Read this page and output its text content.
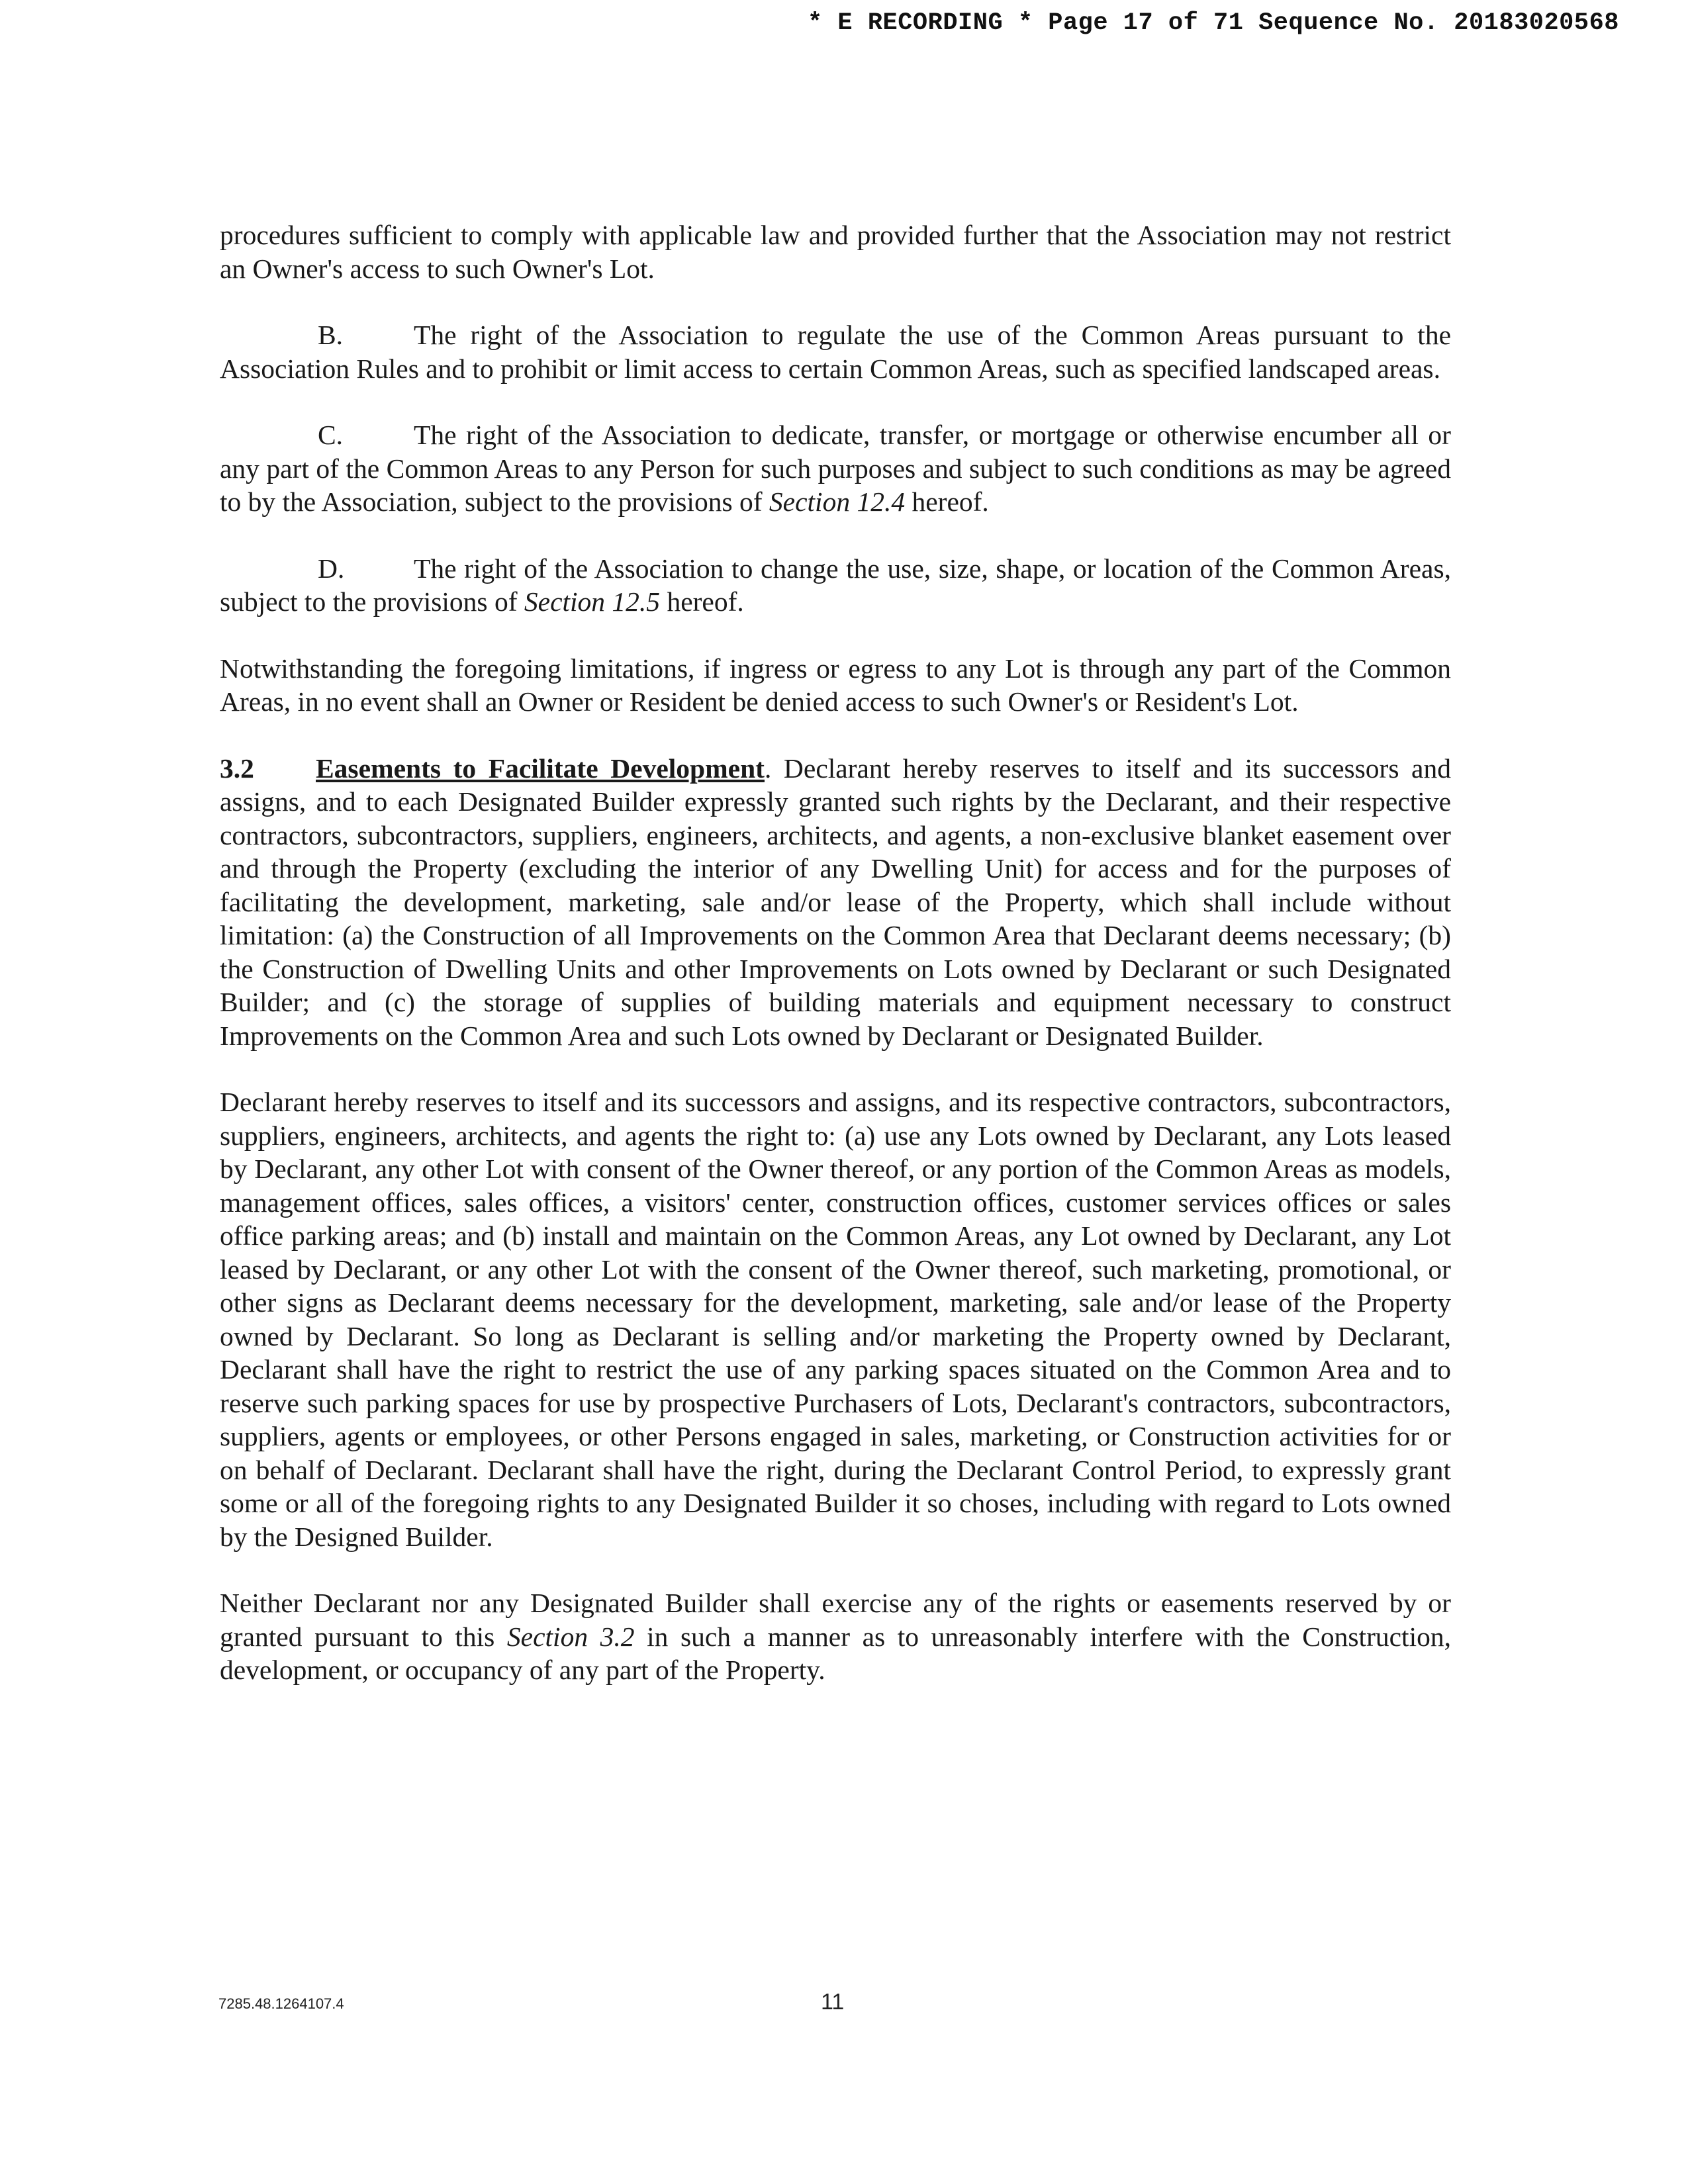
* E RECORDING * Page 17 of 71 Sequence No. 20183020568

procedures sufficient to comply with applicable law and provided further that the Association may not restrict an Owner's access to such Owner's Lot.

B.	The right of the Association to regulate the use of the Common Areas pursuant to the Association Rules and to prohibit or limit access to certain Common Areas, such as specified landscaped areas.

C.	The right of the Association to dedicate, transfer, or mortgage or otherwise encumber all or any part of the Common Areas to any Person for such purposes and subject to such conditions as may be agreed to by the Association, subject to the provisions of Section 12.4 hereof.

D.	The right of the Association to change the use, size, shape, or location of the Common Areas, subject to the provisions of Section 12.5 hereof.

Notwithstanding the foregoing limitations, if ingress or egress to any Lot is through any part of the Common Areas, in no event shall an Owner or Resident be denied access to such Owner's or Resident's Lot.

3.2 Easements to Facilitate Development. Declarant hereby reserves to itself and its successors and assigns, and to each Designated Builder expressly granted such rights by the Declarant, and their respective contractors, subcontractors, suppliers, engineers, architects, and agents, a non-exclusive blanket easement over and through the Property (excluding the interior of any Dwelling Unit) for access and for the purposes of facilitating the development, marketing, sale and/or lease of the Property, which shall include without limitation: (a) the Construction of all Improvements on the Common Area that Declarant deems necessary; (b) the Construction of Dwelling Units and other Improvements on Lots owned by Declarant or such Designated Builder; and (c) the storage of supplies of building materials and equipment necessary to construct Improvements on the Common Area and such Lots owned by Declarant or Designated Builder.

Declarant hereby reserves to itself and its successors and assigns, and its respective contractors, subcontractors, suppliers, engineers, architects, and agents the right to: (a) use any Lots owned by Declarant, any Lots leased by Declarant, any other Lot with consent of the Owner thereof, or any portion of the Common Areas as models, management offices, sales offices, a visitors' center, construction offices, customer services offices or sales office parking areas; and (b) install and maintain on the Common Areas, any Lot owned by Declarant, any Lot leased by Declarant, or any other Lot with the consent of the Owner thereof, such marketing, promotional, or other signs as Declarant deems necessary for the development, marketing, sale and/or lease of the Property owned by Declarant. So long as Declarant is selling and/or marketing the Property owned by Declarant, Declarant shall have the right to restrict the use of any parking spaces situated on the Common Area and to reserve such parking spaces for use by prospective Purchasers of Lots, Declarant's contractors, subcontractors, suppliers, agents or employees, or other Persons engaged in sales, marketing, or Construction activities for or on behalf of Declarant. Declarant shall have the right, during the Declarant Control Period, to expressly grant some or all of the foregoing rights to any Designated Builder it so choses, including with regard to Lots owned by the Designed Builder.

Neither Declarant nor any Designated Builder shall exercise any of the rights or easements reserved by or granted pursuant to this Section 3.2 in such a manner as to unreasonably interfere with the Construction, development, or occupancy of any part of the Property.

7285.48.1264107.4	11
